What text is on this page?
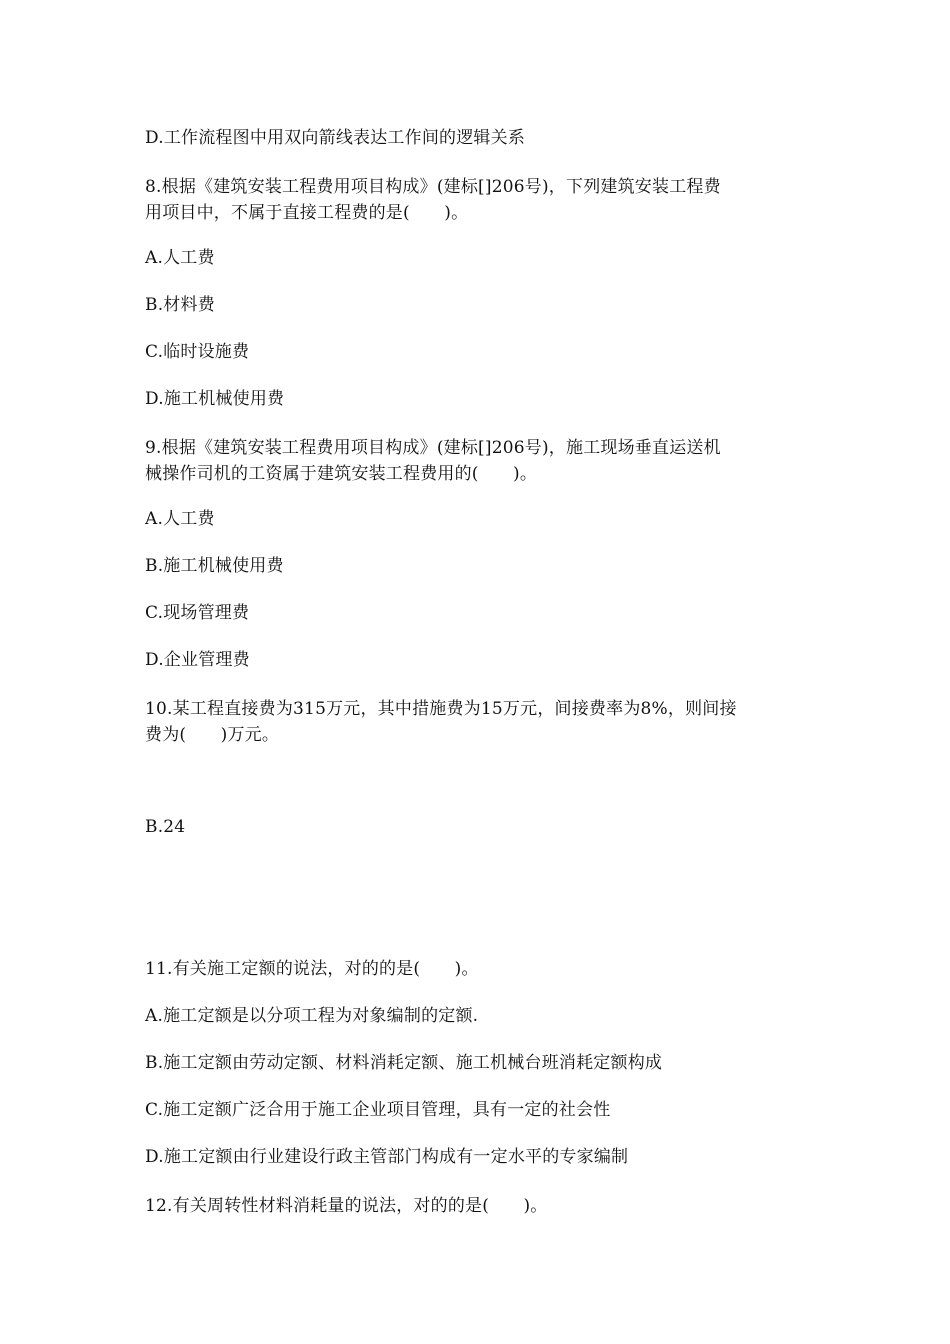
D.工作流程图中用双向箭线表达工作间的逻辑关系
8.根据《建筑安装工程费用项目构成》(建标[]206号)，下列建筑安装工程费
用项目中，不属于直接工程费的是(　　)。
A.人工费
B.材料费
C.临时设施费
D.施工机械使用费
9.根据《建筑安装工程费用项目构成》(建标[]206号)，施工现场垂直运送机
械操作司机的工资属于建筑安装工程费用的(　　)。
A.人工费
B.施工机械使用费
C.现场管理费
D.企业管理费
10.某工程直接费为315万元，其中措施费为15万元，间接费率为8%，则间接
费为(　　)万元。
B.24
11.有关施工定额的说法，对的的是(　　)。
A.施工定额是以分项工程为对象编制的定额.
B.施工定额由劳动定额、材料消耗定额、施工机械台班消耗定额构成
C.施工定额广泛合用于施工企业项目管理，具有一定的社会性
D.施工定额由行业建设行政主管部门构成有一定水平的专家编制
12.有关周转性材料消耗量的说法，对的的是(　　)。
